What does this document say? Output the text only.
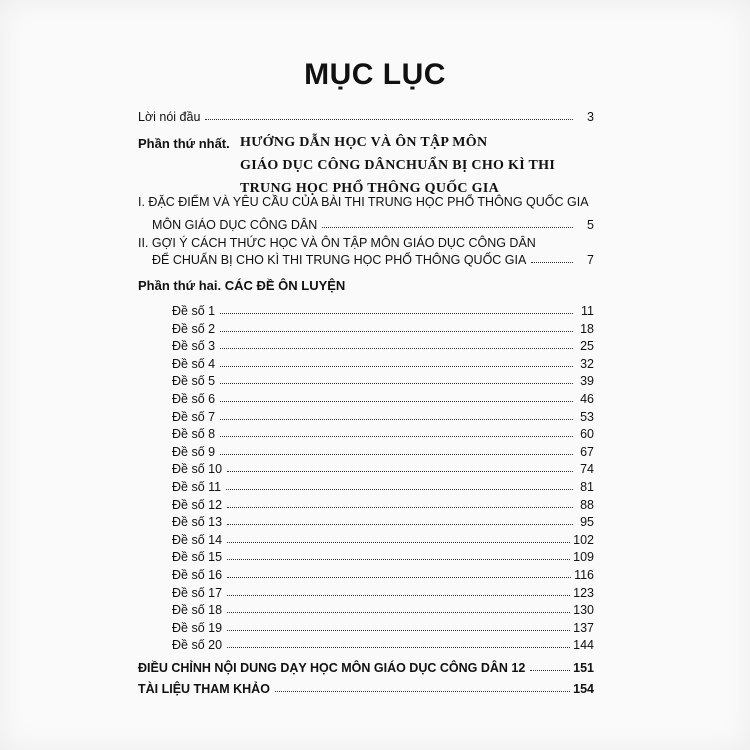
MỤC LỤC
Lời nói đầu	3
Phần thứ nhất. HƯỚNG DẪN HỌC VÀ ÔN TẬP MÔN
GIÁO DỤC CÔNG DÂNCHUẨN BỊ CHO KÌ THI
TRUNG HỌC PHỔ THÔNG QUỐC GIA
I. ĐẶC ĐIỂM VÀ YÊU CẦU CỦA BÀI THI TRUNG HỌC PHỔ THÔNG QUỐC GIA
MÔN GIÁO DỤC CÔNG DÂN	5
II. GỢI Ý CÁCH THỨC HỌC VÀ ÔN TẬP MÔN GIÁO DỤC CÔNG DÂN
ĐỂ CHUẨN BỊ CHO KÌ THI TRUNG HỌC PHỔ THÔNG QUỐC GIA	7
Phần thứ hai. CÁC ĐỀ ÔN LUYỆN
Đề số 1	11
Đề số 2	18
Đề số 3	25
Đề số 4	32
Đề số 5	39
Đề số 6	46
Đề số 7	53
Đề số 8	60
Đề số 9	67
Đề số 10	74
Đề số 11	81
Đề số 12	88
Đề số 13	95
Đề số 14	102
Đề số 15	109
Đề số 16	116
Đề số 17	123
Đề số 18	130
Đề số 19	137
Đề số 20	144
ĐIỀU CHỈNH NỘI DUNG DẠY HỌC MÔN GIÁO DỤC CÔNG DÂN 12	151
TÀI LIỆU THAM KHẢO	154
